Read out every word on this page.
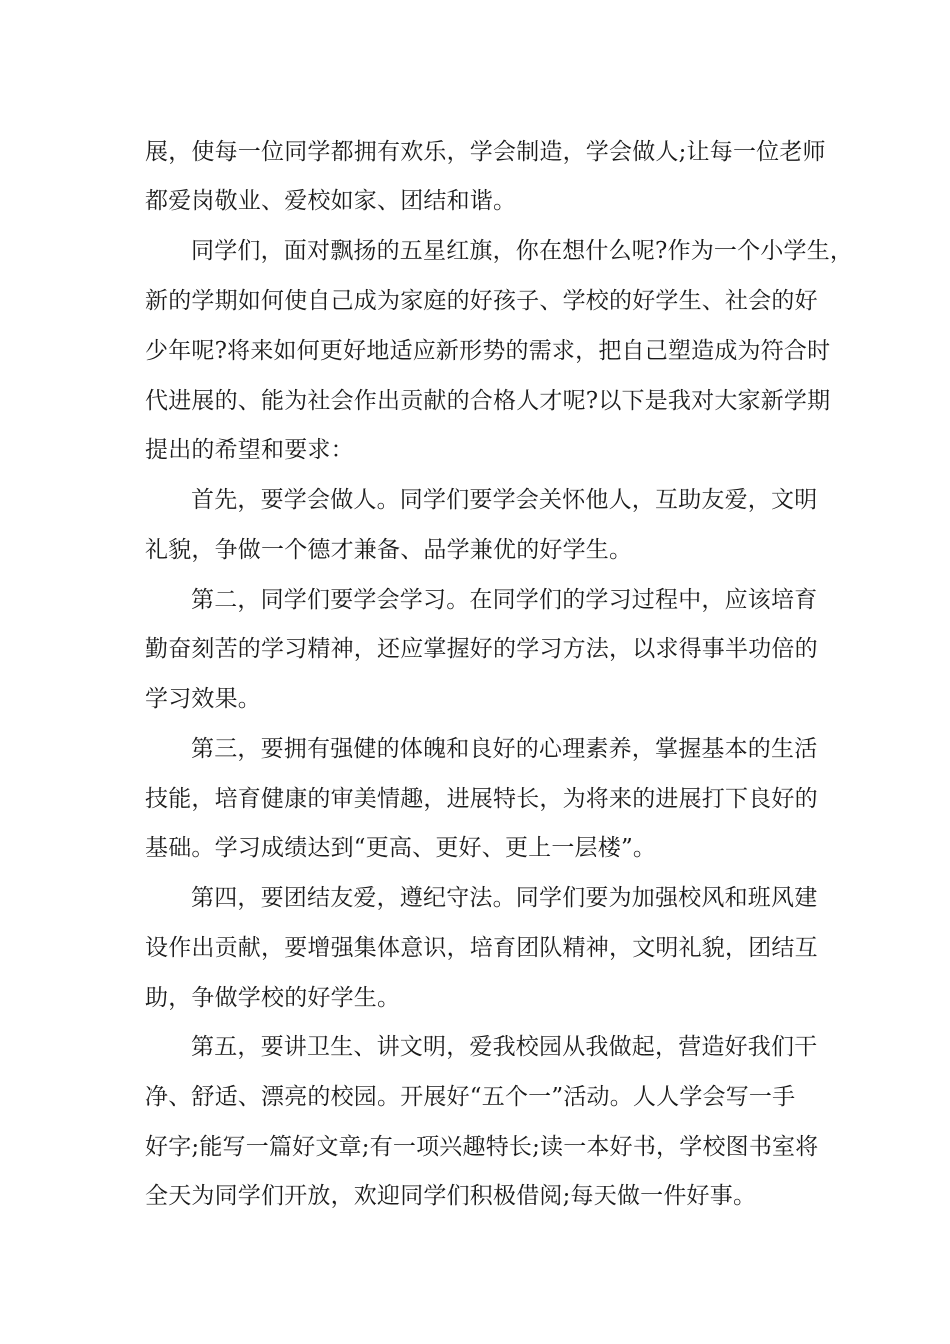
展，使每一位同学都拥有欢乐，学会制造，学会做人;让每一位老师
都爱岗敬业、爱校如家、团结和谐。
同学们，面对飘扬的五星红旗，你在想什么呢?作为一个小学生，
新的学期如何使自己成为家庭的好孩子、学校的好学生、社会的好
少年呢?将来如何更好地适应新形势的需求，把自己塑造成为符合时
代进展的、能为社会作出贡献的合格人才呢?以下是我对大家新学期
提出的希望和要求：
首先，要学会做人。同学们要学会关怀他人，互助友爱，文明
礼貌，争做一个德才兼备、品学兼优的好学生。
第二，同学们要学会学习。在同学们的学习过程中，应该培育
勤奋刻苦的学习精神，还应掌握好的学习方法，以求得事半功倍的
学习效果。
第三，要拥有强健的体魄和良好的心理素养，掌握基本的生活
技能，培育健康的审美情趣，进展特长，为将来的进展打下良好的
基础。学习成绩达到“更高、更好、更上一层楼”。
第四，要团结友爱，遵纪守法。同学们要为加强校风和班风建
设作出贡献，要增强集体意识，培育团队精神，文明礼貌，团结互
助，争做学校的好学生。
第五，要讲卫生、讲文明，爱我校园从我做起，营造好我们干
净、舒适、漂亮的校园。开展好“五个一”活动。人人学会写一手
好字;能写一篇好文章;有一项兴趣特长;读一本好书，学校图书室将
全天为同学们开放，欢迎同学们积极借阅;每天做一件好事。
